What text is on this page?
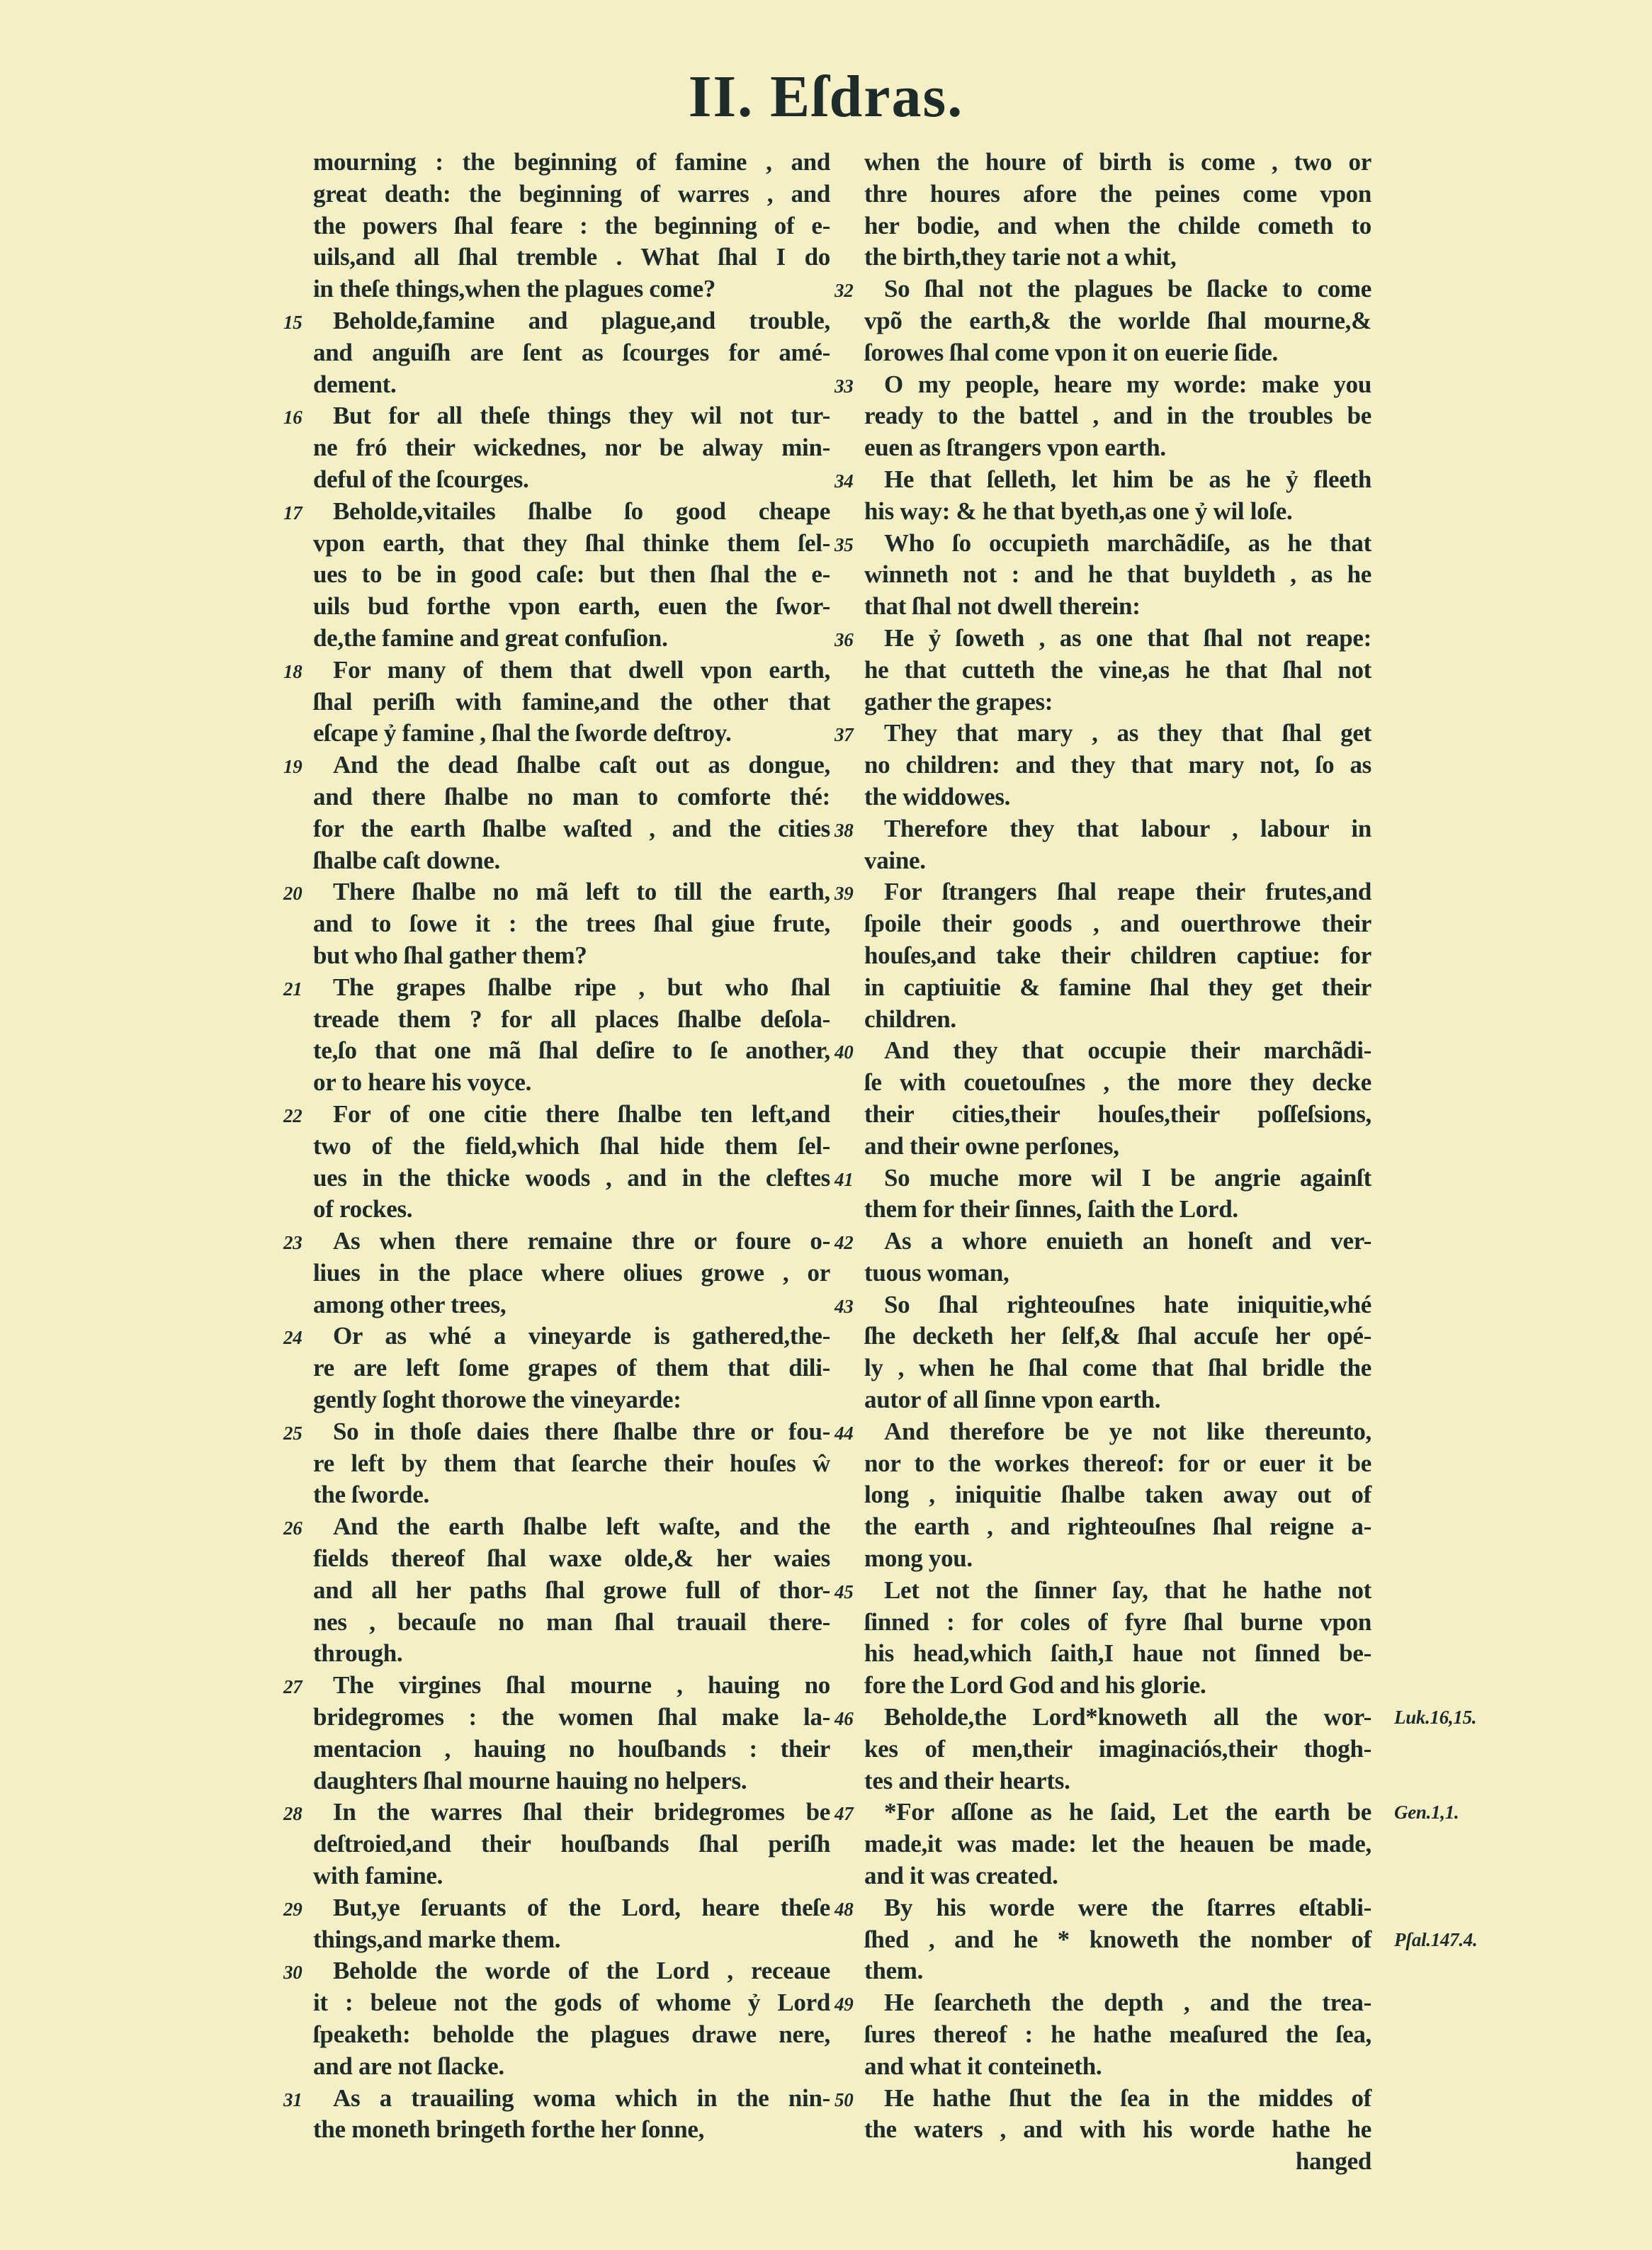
II. Eſdras.
mourning : the beginning of famine , and
great death: the beginning of warres , and
the powers ſhal feare : the beginning of e-
uils,and all ſhal tremble . What ſhal I do
in theſe things,when the plagues come?
15	Beholde,famine and plague,and trouble,
and anguiſh are ſent as ſcourges for amé-
dement.
16	But for all theſe things they wil not tur-
ne fró their wickednes, nor be alway min-
deful of the ſcourges.
17	Beholde,vitailes ſhalbe ſo good cheape
vpon earth, that they ſhal thinke them ſel-
ues to be in good caſe: but then ſhal the e-
uils bud forthe vpon earth, euen the ſwor-
de,the famine and great confuſion.
18	For many of them that dwell vpon earth,
ſhal periſh with famine,and the other that
eſcape ỷ famine , ſhal the ſworde deſtroy.
19	And the dead ſhalbe caſt out as dongue,
and there ſhalbe no man to comforte thé:
for the earth ſhalbe waſted , and the cities
ſhalbe caſt downe.
20	There ſhalbe no mã left to till the earth,
and to ſowe it : the trees ſhal giue frute,
but who ſhal gather them?
21	The grapes ſhalbe ripe , but who ſhal
treade them ? for all places ſhalbe deſola-
te,ſo that one mã ſhal deſire to ſe another,
or to heare his voyce.
22	For of one citie there ſhalbe ten left,and
two of the field,which ſhal hide them ſel-
ues in the thicke woods , and in the cleftes
of rockes.
23	As when there remaine thre or foure o-
liues in the place where oliues growe , or
among other trees,
24	Or as whé a vineyarde is gathered,the-
re are left ſome grapes of them that dili-
gently ſoght thorowe the vineyarde:
25	So in thoſe daies there ſhalbe thre or fou-
re left by them that ſearche their houſes ŵ
the ſworde.
26	And the earth ſhalbe left waſte, and the
fields thereof ſhal waxe olde,& her waies
and all her paths ſhal growe full of thor-
nes , becauſe no man ſhal trauail there-
through.
27	The virgines ſhal mourne , hauing no
bridegromes : the women ſhal make la-
mentacion , hauing no houſbands : their
daughters ſhal mourne hauing no helpers.
28	In the warres ſhal their bridegromes be
deſtroied,and their houſbands ſhal periſh
with famine.
29	But,ye ſeruants of the Lord, heare theſe
things,and marke them.
30	Beholde the worde of the Lord , receaue
it : beleue not the gods of whome ỷ Lord
ſpeaketh: beholde the plagues drawe nere,
and are not ſlacke.
31	As a trauailing woma which in the nin-
the moneth bringeth forthe her ſonne,
when the houre of birth is come , two or
thre houres afore the peines come vpon
her bodie, and when the childe cometh to
the birth,they tarie not a whit,
32	So ſhal not the plagues be ſlacke to come
vpõ the earth,& the worlde ſhal mourne,&
ſorowes ſhal come vpon it on euerie ſide.
33	O my people, heare my worde: make you
ready to the battel , and in the troubles be
euen as ſtrangers vpon earth.
34	He that ſelleth, let him be as he ỷ fleeth
his way: & he that byeth,as one ỷ wil loſe.
35	Who ſo occupieth marchãdiſe, as he that
winneth not : and he that buyldeth , as he
that ſhal not dwell therein:
36	He ỷ ſoweth , as one that ſhal not reape:
he that cutteth the vine,as he that ſhal not
gather the grapes:
37	They that mary , as they that ſhal get
no children: and they that mary not, ſo as
the widdowes.
38	Therefore they that labour , labour in
vaine.
39	For ſtrangers ſhal reape their frutes,and
ſpoile their goods , and ouerthrowe their
houſes,and take their children captiue: for
in captiuitie & famine ſhal they get their
children.
40	And they that occupie their marchãdi-
ſe with couetouſnes , the more they decke
their cities,their houſes,their poſſeſsions,
and their owne perſones,
41	So muche more wil I be angrie againſt
them for their ſinnes, ſaith the Lord.
42	As a whore enuieth an honeſt and ver-
tuous woman,
43	So ſhal righteouſnes hate iniquitie,whé
ſhe decketh her ſelf,& ſhal accuſe her opé-
ly , when he ſhal come that ſhal bridle the
autor of all ſinne vpon earth.
44	And therefore be ye not like thereunto,
nor to the workes thereof: for or euer it be
long , iniquitie ſhalbe taken away out of
the earth , and righteouſnes ſhal reigne a-
mong you.
45	Let not the ſinner ſay, that he hathe not
ſinned : for coles of fyre ſhal burne vpon
his head,which ſaith,I haue not ſinned be-
fore the Lord God and his glorie.
46	Beholde,the Lord*knoweth all the wor- Luk.16,15.
kes of men,their imaginaciós,their thogh-
tes and their hearts.
47	*For aſſone as he ſaid, Let the earth be Gen.1,1.
made,it was made: let the heauen be made,
and it was created.
48	By his worde were the ſtarres eſtabli-
ſhed , and he * knoweth the nomber of Pſal.147.4.
them.
49	He ſearcheth the depth , and the trea-
ſures thereof : he hathe meaſured the ſea,
and what it conteineth.
50	He hathe ſhut the ſea in the middes of
the waters , and with his worde hathe he
hanged
